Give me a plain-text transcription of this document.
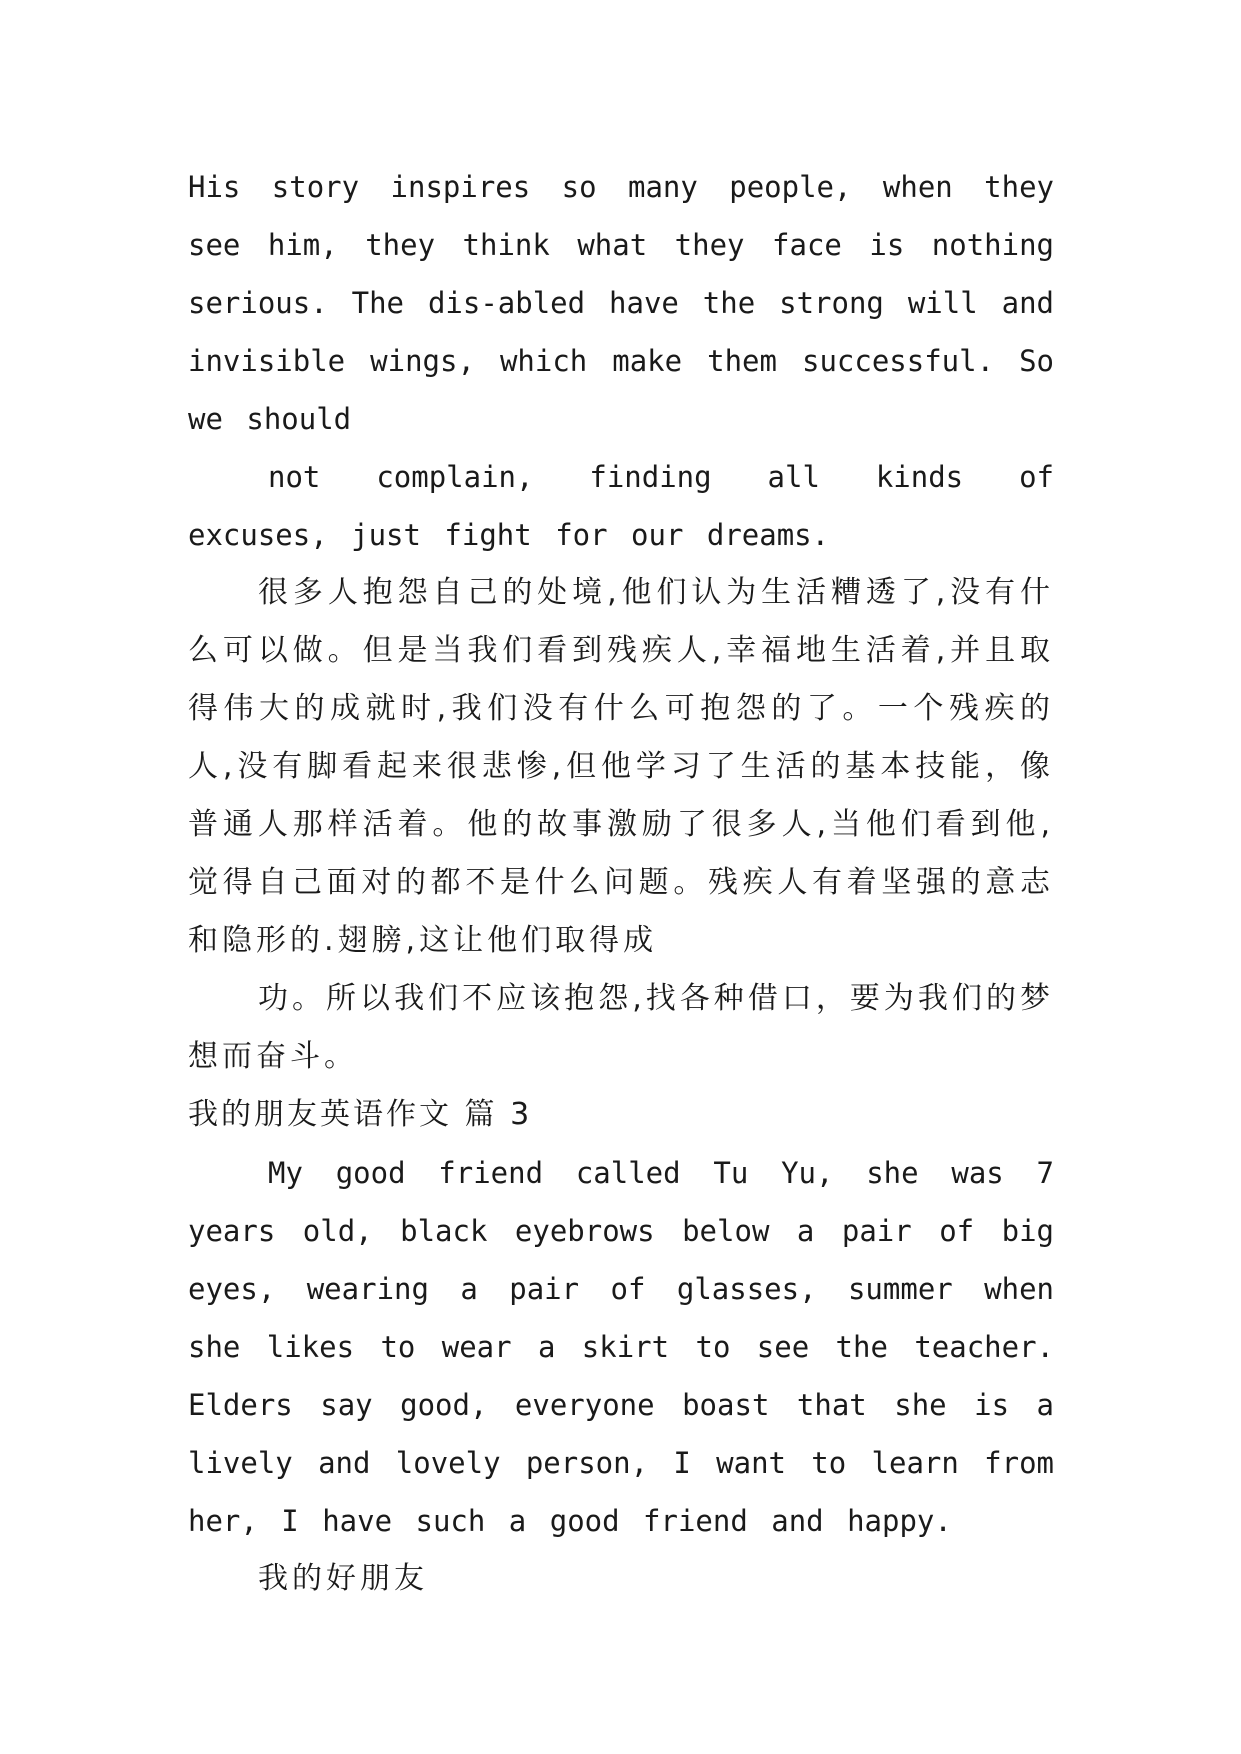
His story inspires so many people, when they see him, they think what they face is nothing serious. The dis-abled have the strong will and invisible wings, which make them successful. So we should

not complain, finding all kinds of excuses, just fight for our dreams.

很多人抱怨自己的处境,他们认为生活糟透了,没有什么可以做。但是当我们看到残疾人,幸福地生活着,并且取得伟大的成就时,我们没有什么可抱怨的了。一个残疾的人,没有脚看起来很悲惨,但他学习了生活的基本技能，像普通人那样活着。他的故事激励了很多人,当他们看到他,觉得自己面对的都不是什么问题。残疾人有着坚强的意志和隐形的.翅膀,这让他们取得成

功。所以我们不应该抱怨,找各种借口，要为我们的梦想而奋斗。

我的朋友英语作文 篇 3

My good friend called Tu Yu, she was 7 years old, black eyebrows below a pair of big eyes, wearing a pair of glasses, summer when she likes to wear a skirt to see the teacher. Elders say good, everyone boast that she is a lively and lovely person, I want to learn from her, I have such a good friend and happy.

我的好朋友
